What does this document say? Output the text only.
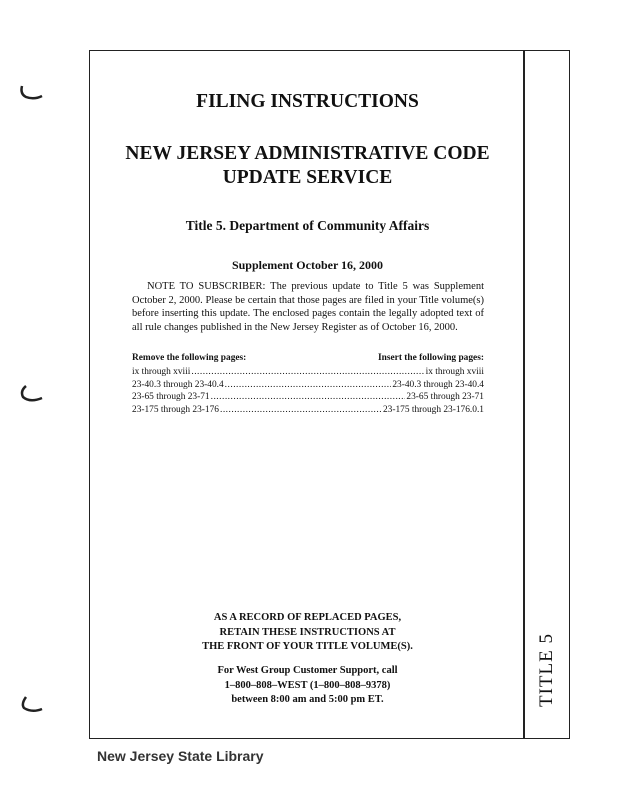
TITLE 5
FILING INSTRUCTIONS
NEW JERSEY ADMINISTRATIVE CODE
UPDATE SERVICE
Title 5. Department of Community Affairs
Supplement October 16, 2000
NOTE TO SUBSCRIBER: The previous update to Title 5 was Supplement October 2, 2000. Please be certain that those pages are filed in your Title volume(s) before inserting this update. The enclosed pages contain the legally adopted text of all rule changes published in the New Jersey Register as of October 16, 2000.
Remove the following pages:	Insert the following pages:
ix through xviii .....	ix through xviii
23-40.3 through 23-40.4 .....	23-40.3 through 23-40.4
23-65 through 23-71 .....	23-65 through 23-71
23-175 through 23-176 .....	23-175 through 23-176.0.1
AS A RECORD OF REPLACED PAGES,
RETAIN THESE INSTRUCTIONS AT
THE FRONT OF YOUR TITLE VOLUME(S).
For West Group Customer Support, call
1–800–808–WEST (1–800–808–9378)
between 8:00 am and 5:00 pm ET.
New Jersey State Library
